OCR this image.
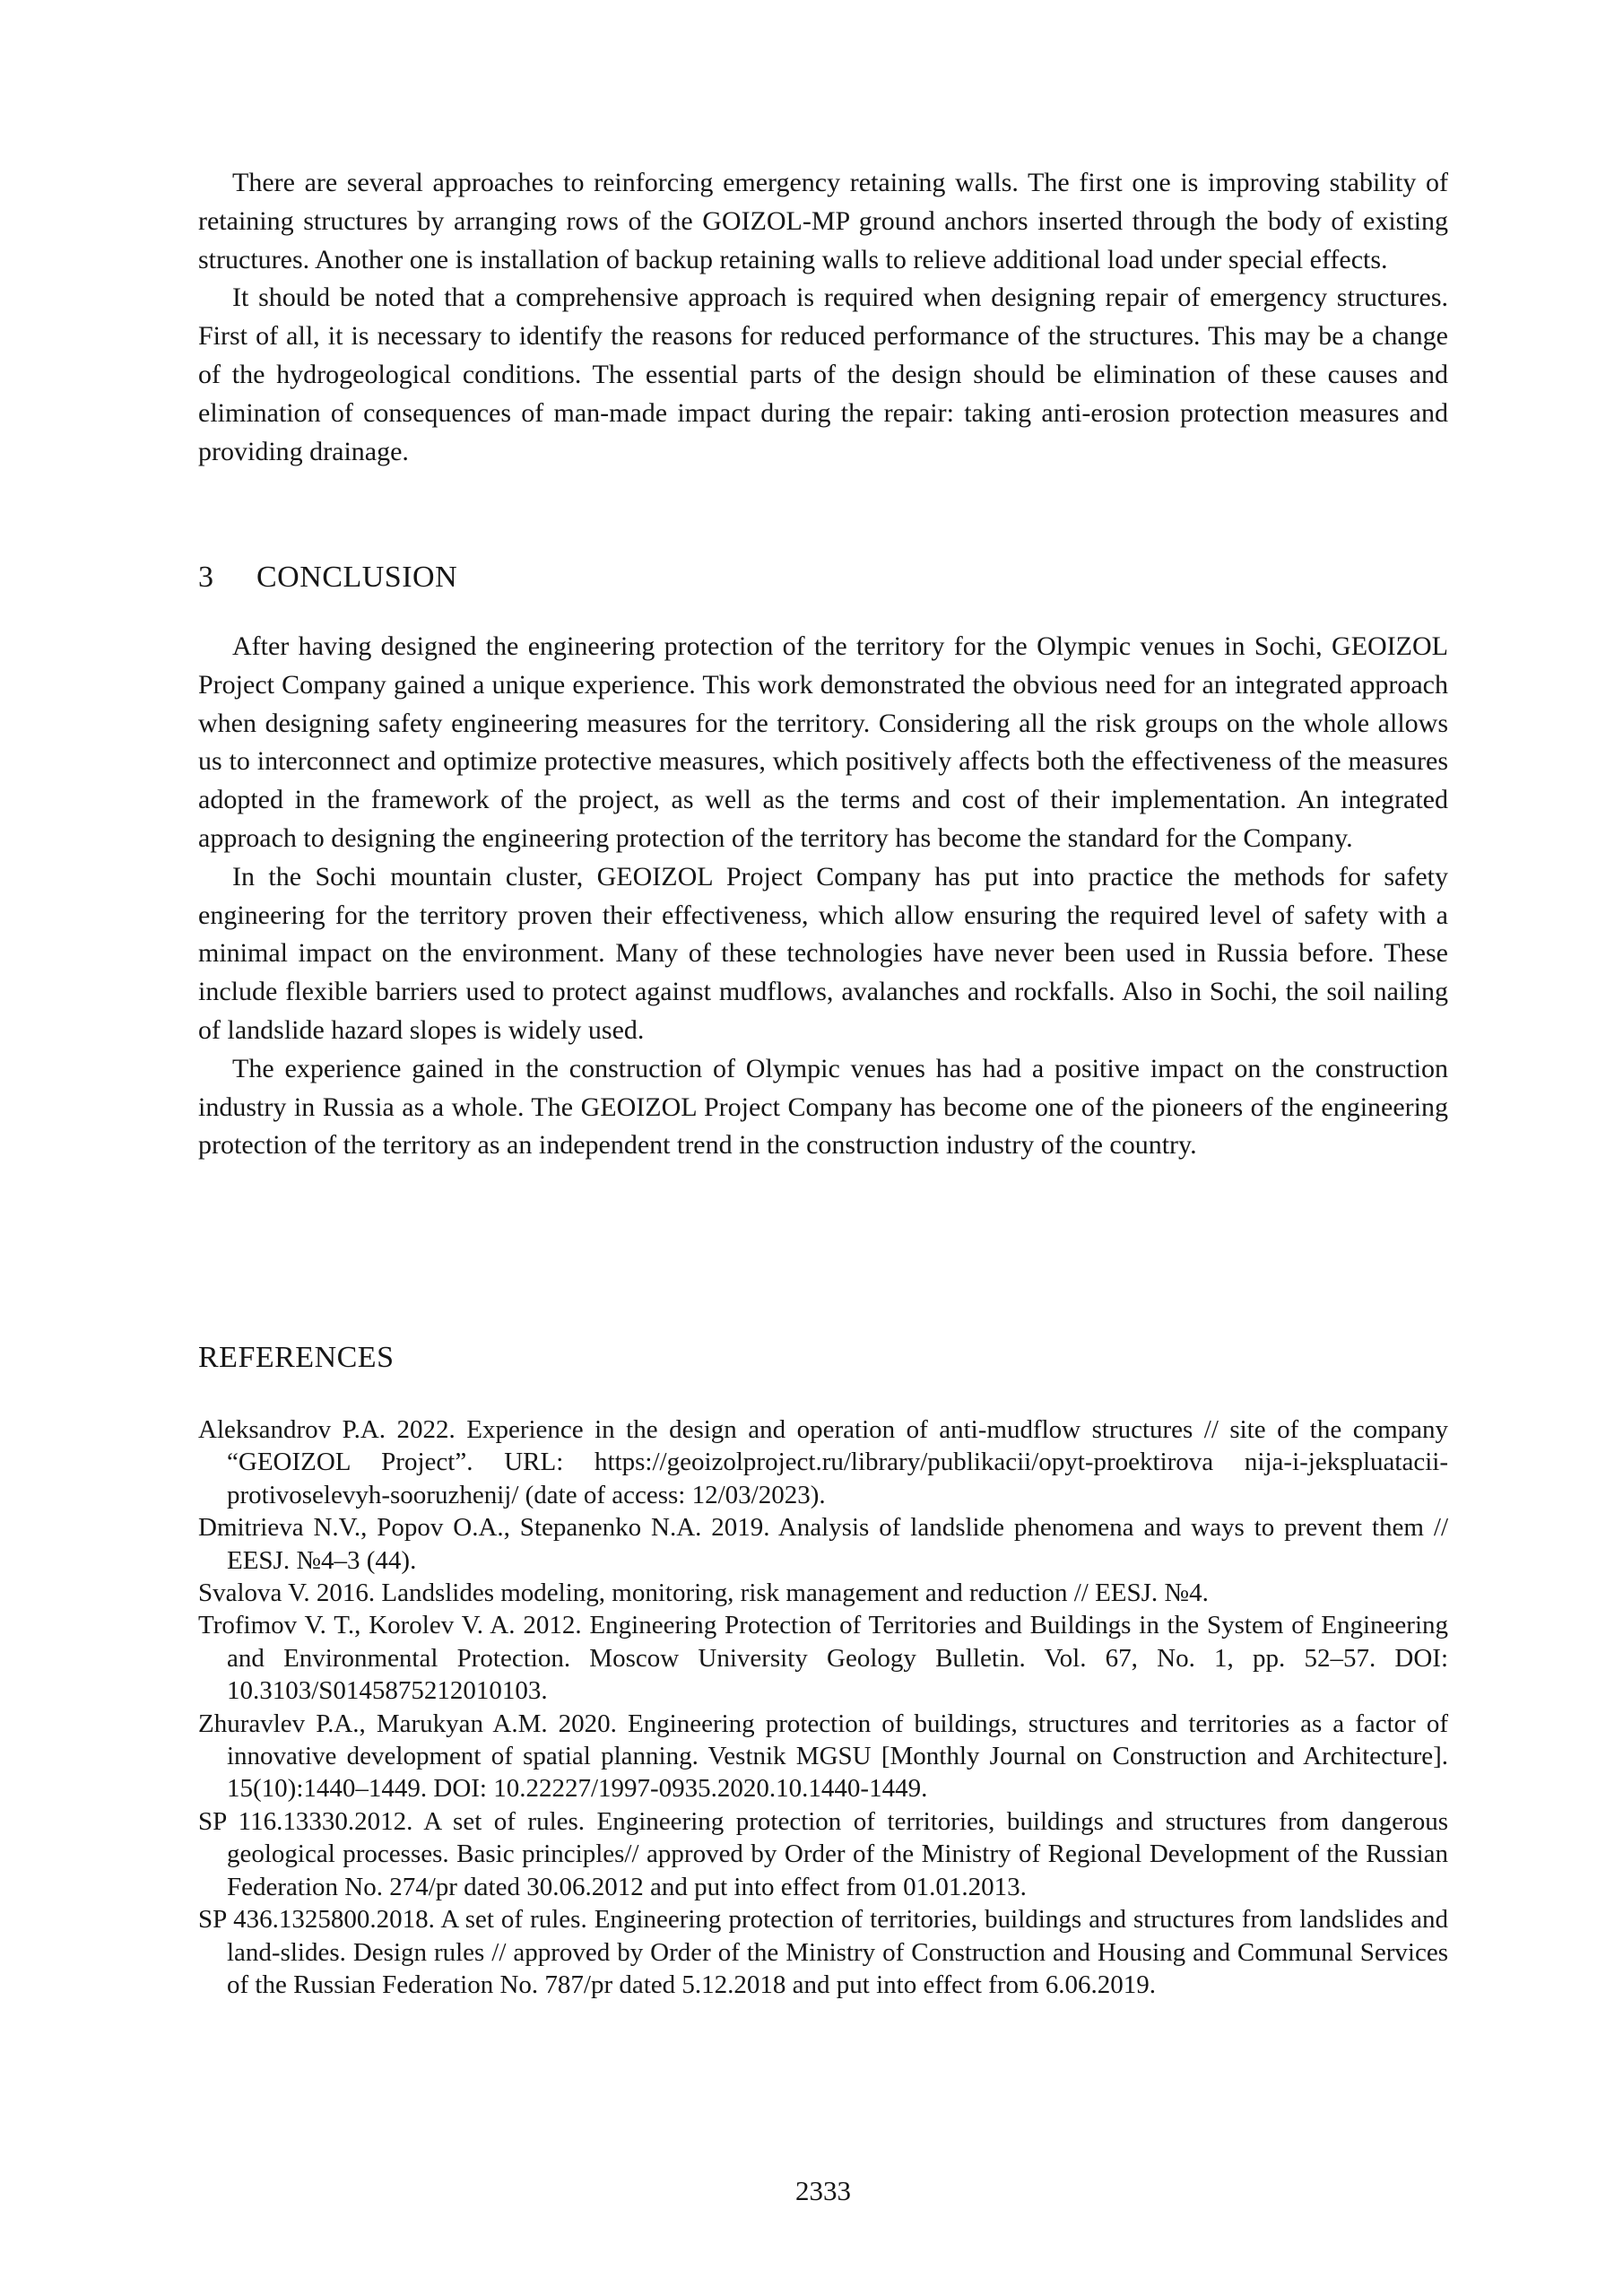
There are several approaches to reinforcing emergency retaining walls. The first one is improving stability of retaining structures by arranging rows of the GOIZOL-MP ground anchors inserted through the body of existing structures. Another one is installation of backup retaining walls to relieve additional load under special effects.

It should be noted that a comprehensive approach is required when designing repair of emergency structures. First of all, it is necessary to identify the reasons for reduced performance of the structures. This may be a change of the hydrogeological conditions. The essential parts of the design should be elimination of these causes and elimination of consequences of man-made impact during the repair: taking anti-erosion protection measures and providing drainage.

3 CONCLUSION

After having designed the engineering protection of the territory for the Olympic venues in Sochi, GEOIZOL Project Company gained a unique experience. This work demonstrated the obvious need for an integrated approach when designing safety engineering measures for the territory. Considering all the risk groups on the whole allows us to interconnect and optimize protective measures, which positively affects both the effectiveness of the measures adopted in the framework of the project, as well as the terms and cost of their implementation. An integrated approach to designing the engineering protection of the territory has become the standard for the Company.

In the Sochi mountain cluster, GEOIZOL Project Company has put into practice the methods for safety engineering for the territory proven their effectiveness, which allow ensuring the required level of safety with a minimal impact on the environment. Many of these technologies have never been used in Russia before. These include flexible barriers used to protect against mudflows, avalanches and rockfalls. Also in Sochi, the soil nailing of landslide hazard slopes is widely used.

The experience gained in the construction of Olympic venues has had a positive impact on the construction industry in Russia as a whole. The GEOIZOL Project Company has become one of the pioneers of the engineering protection of the territory as an independent trend in the construction industry of the country.

REFERENCES

Aleksandrov P.A. 2022. Experience in the design and operation of anti-mudflow structures // site of the company “GEOIZOL Project”. URL: https://geoizolproject.ru/library/publikacii/opyt-proektirova nija-i-jekspluatacii-protivoselevyh-sooruzhenij/ (date of access: 12/03/2023).

Dmitrieva N.V., Popov O.A., Stepanenko N.A. 2019. Analysis of landslide phenomena and ways to prevent them // EESJ. №4–3 (44).

Svalova V. 2016. Landslides modeling, monitoring, risk management and reduction // EESJ. №4.

Trofimov V. T., Korolev V. A. 2012. Engineering Protection of Territories and Buildings in the System of Engineering and Environmental Protection. Moscow University Geology Bulletin. Vol. 67, No. 1, pp. 52–57. DOI: 10.3103/S0145875212010103.

Zhuravlev P.A., Marukyan A.M. 2020. Engineering protection of buildings, structures and territories as a factor of innovative development of spatial planning. Vestnik MGSU [Monthly Journal on Construction and Architecture]. 15(10):1440–1449. DOI: 10.22227/1997-0935.2020.10.1440-1449.

SP 116.13330.2012. A set of rules. Engineering protection of territories, buildings and structures from dangerous geological processes. Basic principles// approved by Order of the Ministry of Regional Development of the Russian Federation No. 274/pr dated 30.06.2012 and put into effect from 01.01.2013.

SP 436.1325800.2018. A set of rules. Engineering protection of territories, buildings and structures from landslides and land-slides. Design rules // approved by Order of the Ministry of Construction and Housing and Communal Services of the Russian Federation No. 787/pr dated 5.12.2018 and put into effect from 6.06.2019.

2333
